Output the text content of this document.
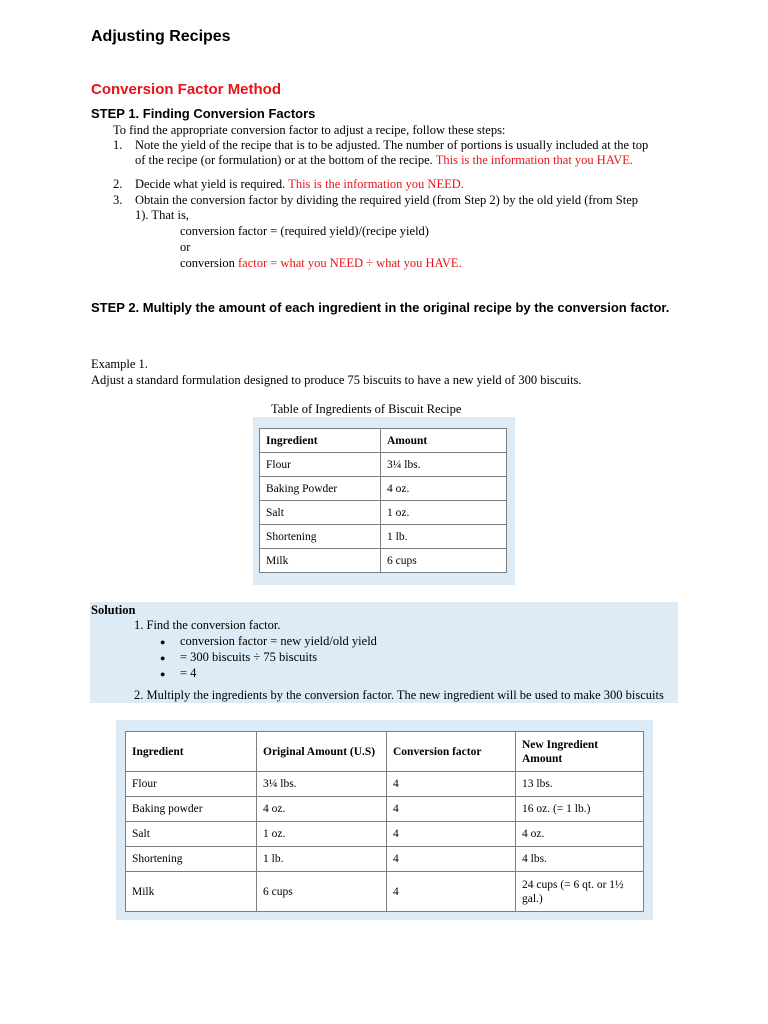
Adjusting Recipes
Conversion Factor Method
STEP 1. Finding Conversion Factors
To find the appropriate conversion factor to adjust a recipe, follow these steps:
1. Note the yield of the recipe that is to be adjusted. The number of portions is usually included at the top
of the recipe (or formulation) or at the bottom of the recipe. This is the information that you HAVE.
2. Decide what yield is required. This is the information you NEED.
3. Obtain the conversion factor by dividing the required yield (from Step 2) by the old yield (from Step
1). That is,
conversion factor = (required yield)/(recipe yield)
or
conversion factor = what you NEED ÷ what you HAVE.
STEP 2. Multiply the amount of each ingredient in the original recipe by the conversion factor.
Example 1.
Adjust a standard formulation designed to produce 75 biscuits to have a new yield of 300 biscuits.
Table of Ingredients of Biscuit Recipe
Ingredient	Amount
Flour	3¼ lbs.
Baking Powder	4 oz.
Salt	1 oz.
Shortening	1 lb.
Milk	6 cups
Solution
1. Find the conversion factor.
● conversion factor = new yield/old yield
● = 300 biscuits ÷ 75 biscuits
● = 4
2. Multiply the ingredients by the conversion factor. The new ingredient will be used to make 300 biscuits
Ingredient	Original Amount (U.S)	Conversion factor	New Ingredient Amount
Flour	3¼ lbs.	4	13 lbs.
Baking powder	4 oz.	4	16 oz. (= 1 lb.)
Salt	1 oz.	4	4 oz.
Shortening	1 lb.	4	4 lbs.
Milk	6 cups	4	24 cups (= 6 qt. or 1½ gal.)
